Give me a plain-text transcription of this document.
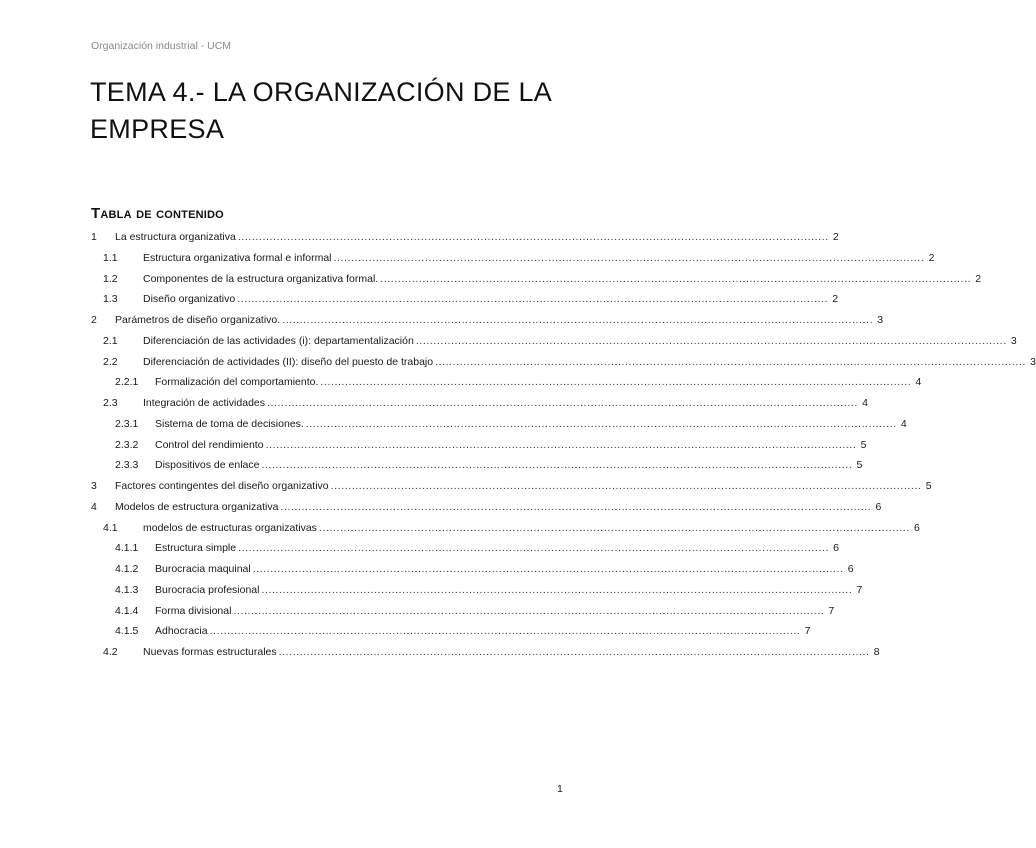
Organización industrial - UCM
TEMA 4.- LA ORGANIZACIÓN DE LA EMPRESA
Tabla de contenido
1	La estructura organizativa .....	2
1.1	Estructura organizativa formal e informal .....	2
1.2	Componentes de la estructura organizativa formal. .....	2
1.3	Diseño organizativo .....	2
2	Parámetros de diseño organizativo. .....	3
2.1	Diferenciación de las actividades (i): departamentalización .....	3
2.2	Diferenciación de actividades (II): diseño del puesto de trabajo .....	3
2.2.1	Formalización del comportamiento. .....	4
2.3	Integración de actividades .....	4
2.3.1	Sistema de toma de decisiones. .....	4
2.3.2	Control del rendimiento .....	5
2.3.3	Dispositivos de enlace .....	5
3	Factores contingentes del diseño organizativo .....	5
4	Modelos de estructura organizativa .....	6
4.1	modelos de estructuras organizativas .....	6
4.1.1	Estructura simple .....	6
4.1.2	Burocracia maquinal .....	6
4.1.3	Burocracia profesional .....	7
4.1.4	Forma divisional .....	7
4.1.5	Adhocracia .....	7
4.2	Nuevas formas estructurales .....	8
1
